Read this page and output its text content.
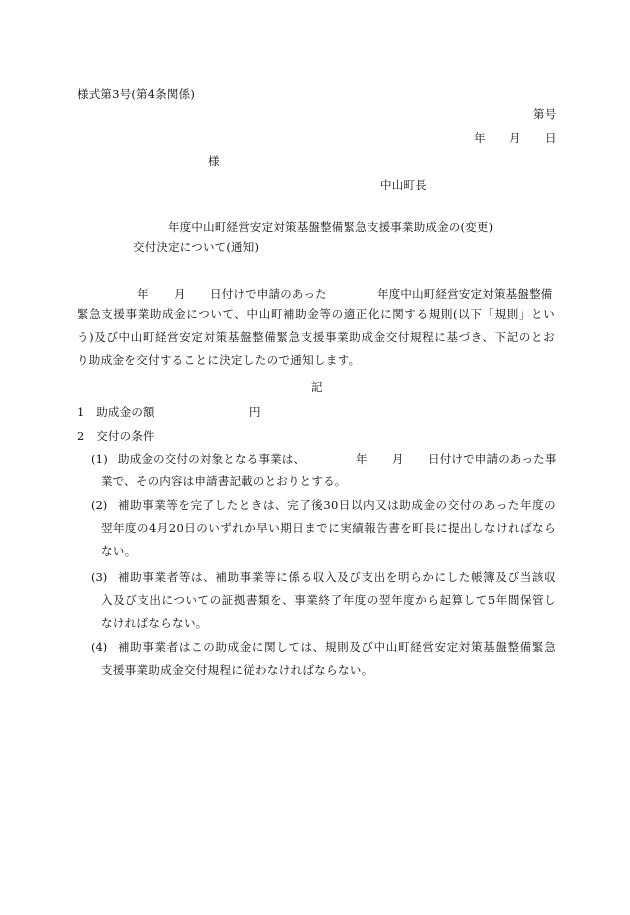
様式第3号(第4条関係)
第号
年 月 日
様
中山町長
年度中山町経営安定対策基盤整備緊急支援事業助成金の(変更)
交付決定について(通知)
年 月 日付けで申請のあった	年度中山町経営安定対策基盤整備
緊急支援事業助成金について、中山町補助金等の適正化に関する規則(以下「規則」という)及び中山町経営安定対策基盤整備緊急支援事業助成金交付規程に基づき、下記のとおり助成金を交付することに決定したので通知します。
記
1　助成金の額	円
2　交付の条件
(1) 助成金の交付の対象となる事業は、	年 月 日付けで申請のあった事
業で、その内容は申請書記載のとおりとする。
(2) 補助事業等を完了したときは、完了後30日以内又は助成金の交付のあった年度の翌年度の4月20日のいずれか早い期日までに実績報告書を町長に提出しなければならない。
(3) 補助事業者等は、補助事業等に係る収入及び支出を明らかにした帳簿及び当該収入及び支出についての証拠書類を、事業終了年度の翌年度から起算して5年間保管しなければならない。
(4) 補助事業者はこの助成金に関しては、規則及び中山町経営安定対策基盤整備緊急支援事業助成金交付規程に従わなければならない。
